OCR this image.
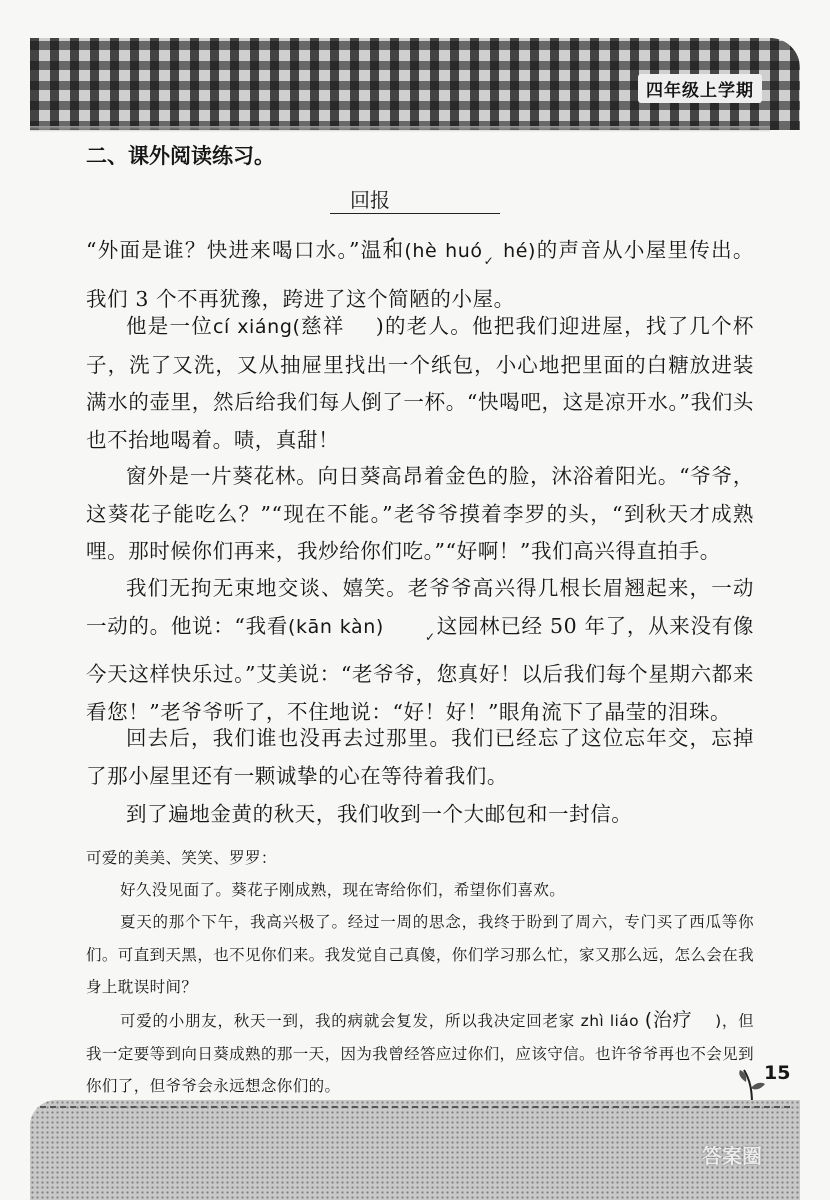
四年级上学期
二、课外阅读练习。
回报

“外面是谁？快进来喝口水。”温和(hè huó✓ hé)的声音从小屋里传出。我们 3 个不再犹豫，跨进了这个简陋的小屋。

他是一位cí xiáng(慈祥 )的老人。他把我们迎进屋，找了几个杯子，洗了又洗，又从抽屉里找出一个纸包，小心地把里面的白糖放进装满水的壶里，然后给我们每人倒了一杯。“快喝吧，这是凉开水。”我们头也不抬地喝着。啧，真甜！

窗外是一片葵花林。向日葵高昂着金色的脸，沐浴着阳光。“爷爷，这葵花子能吃么？”“现在不能。”老爷爷摸着李罗的头，“到秋天才成熟哩。那时候你们再来，我炒给你们吃。”“好啊！”我们高兴得直拍手。

我们无拘无束地交谈、嬉笑。老爷爷高兴得几根长眉翘起来，一动一动的。他说：“我看(kān kàn)	✓这园林已经 50 年了，从来没有像今天这样快乐过。”艾美说：“老爷爷，您真好！以后我们每个星期六都来看您！”老爷爷听了，不住地说：“好！好！”眼角流下了晶莹的泪珠。

回去后，我们谁也没再去过那里。我们已经忘了这位忘年交，忘掉了那小屋里还有一颗诚挚的心在等待着我们。

到了遍地金黄的秋天，我们收到一个大邮包和一封信。

可爱的美美、笑笑、罗罗：

好久没见面了。葵花子刚成熟，现在寄给你们，希望你们喜欢。

夏天的那个下午，我高兴极了。经过一周的思念，我终于盼到了周六，专门买了西瓜等你们。可直到天黑，也不见你们来。我发觉自己真傻，你们学习那么忙，家又那么远，怎么会在我身上耽误时间？

可爱的小朋友，秋天一到，我的病就会复发，所以我决定回老家 zhì liáo (治疗 )，但我一定要等到向日葵成熟的那一天，因为我曾经答应过你们，应该守信。也许爷爷再也不会见到你们了，但爷爷会永远想念你们的。

15
答案圈
